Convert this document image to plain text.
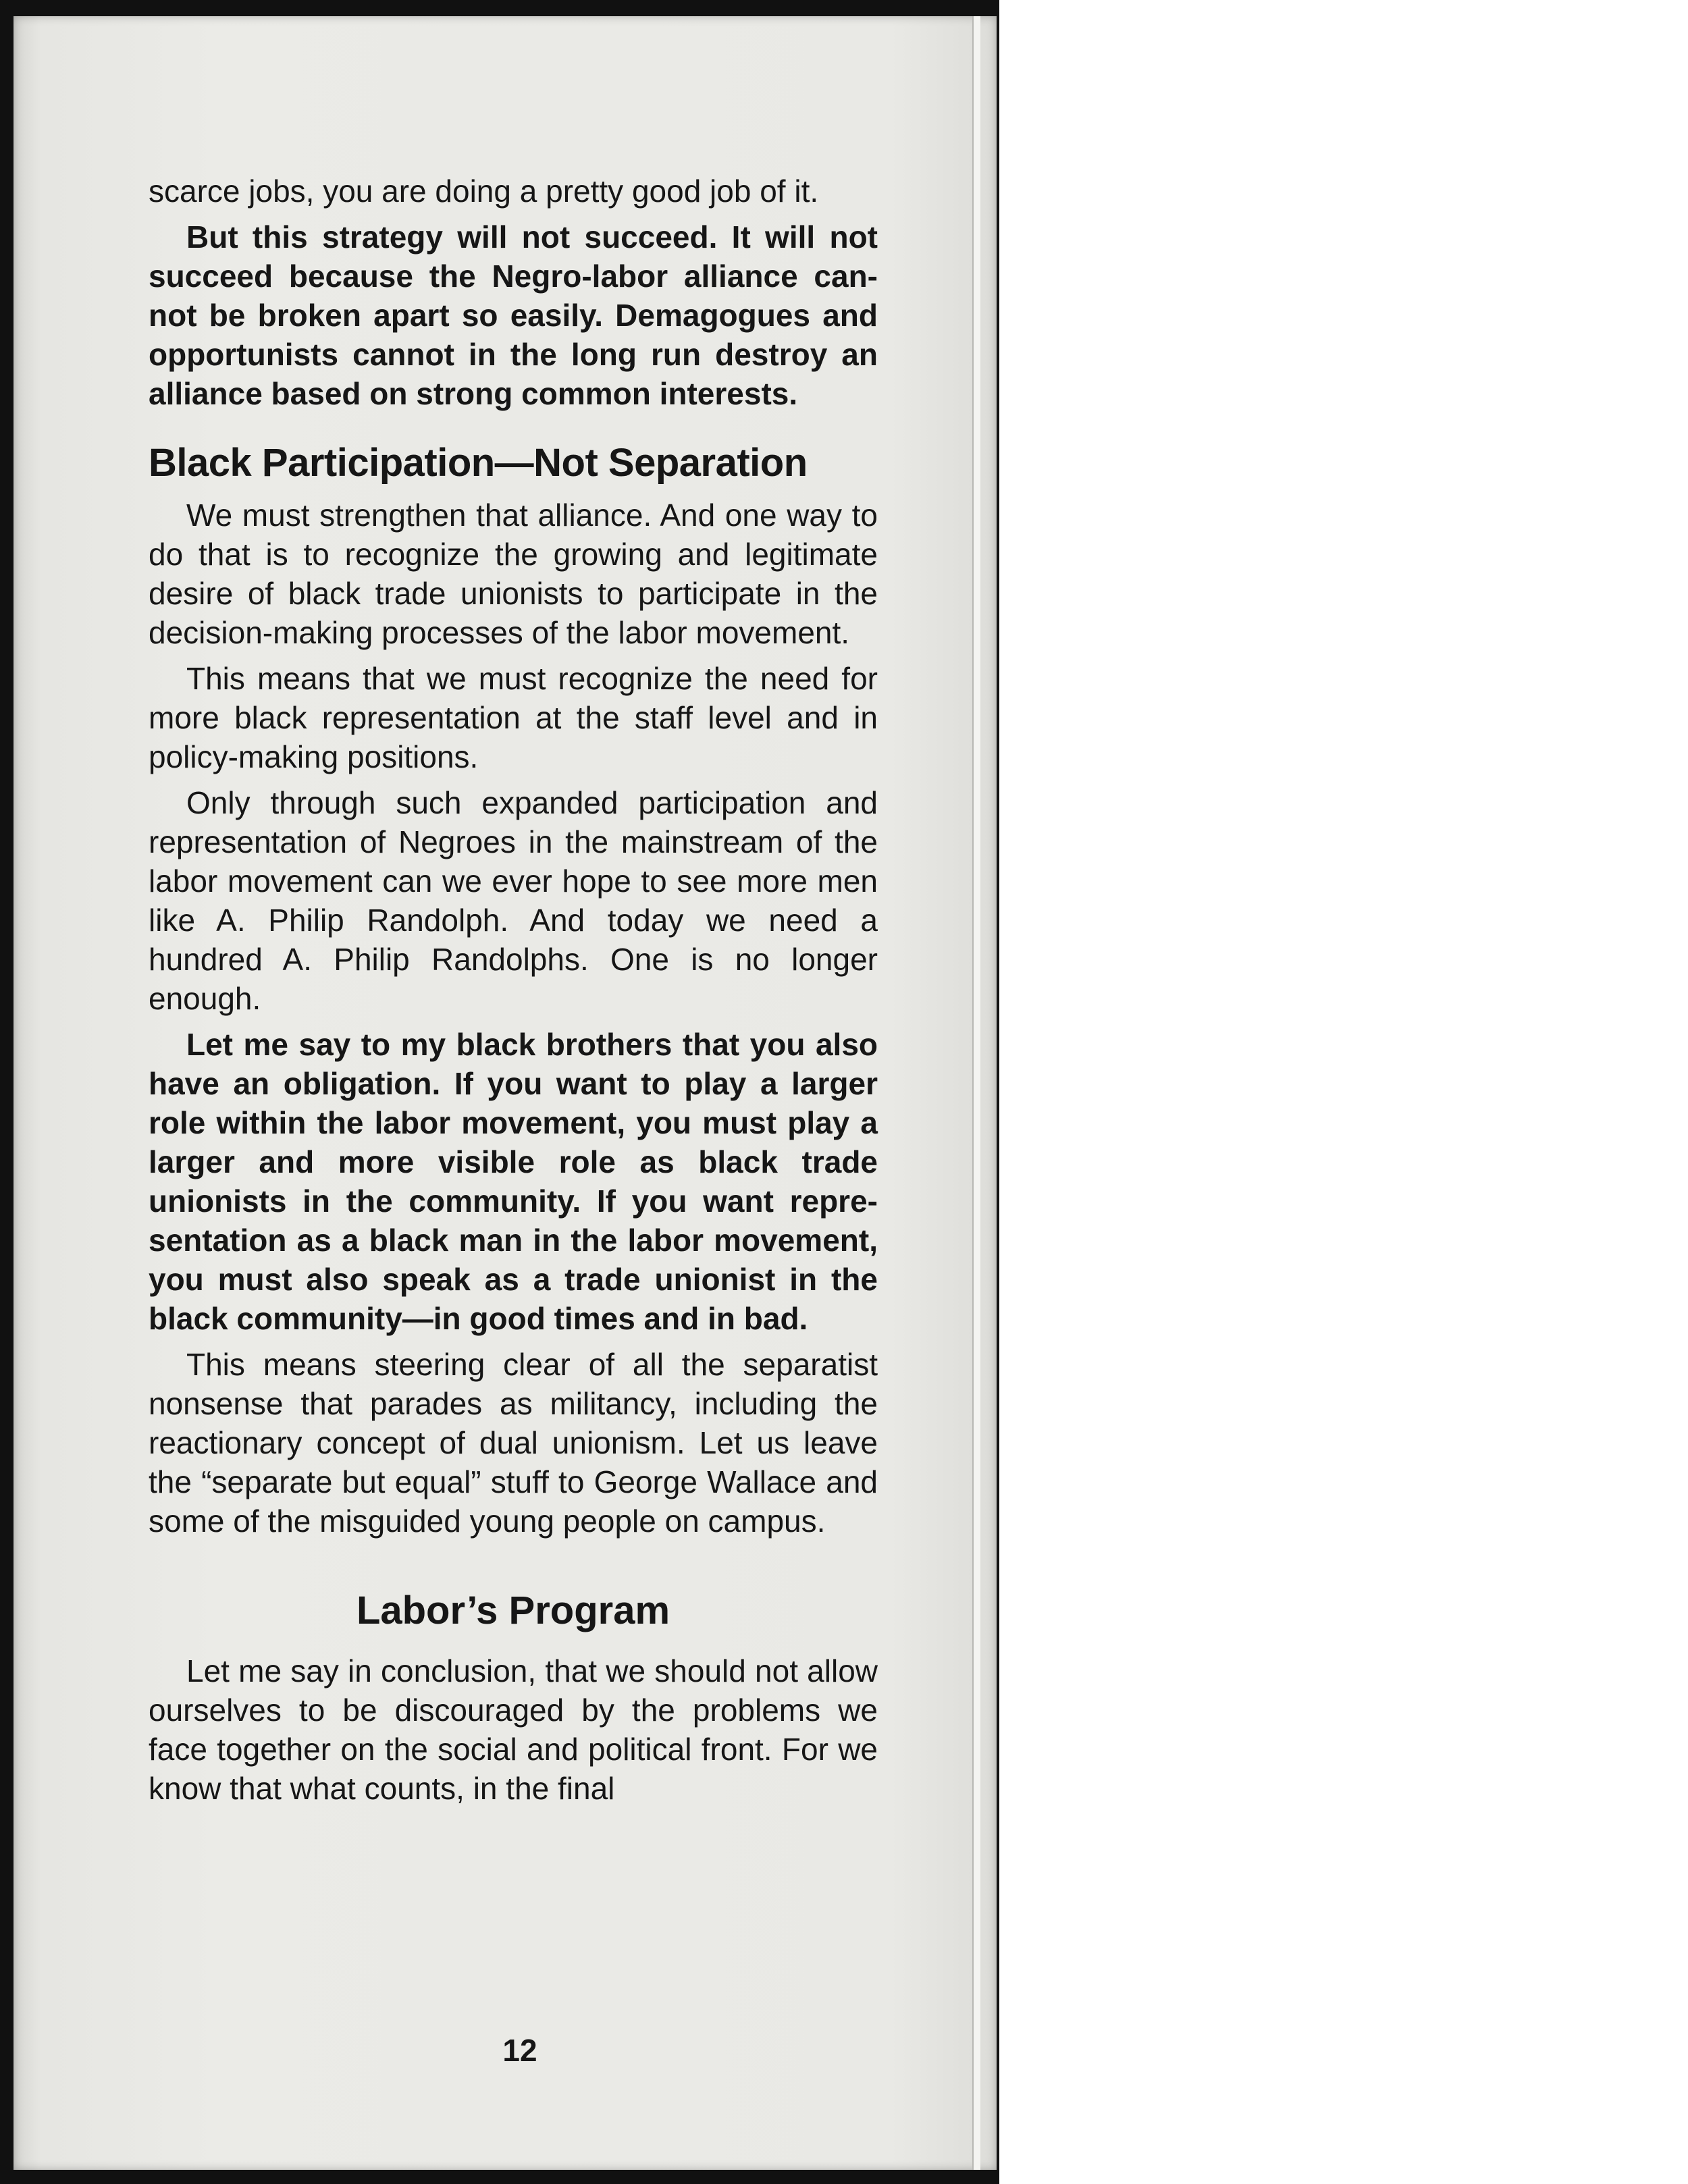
scarce jobs, you are doing a pretty good job of it.

But this strategy will not succeed. It will not succeed because the Negro-labor alliance cannot be broken apart so easily. Demagogues and opportunists cannot in the long run destroy an alliance based on strong common interests.

Black Participation—Not Separation

We must strengthen that alliance. And one way to do that is to recognize the growing and legitimate desire of black trade unionists to participate in the decision-making processes of the labor movement.

This means that we must recognize the need for more black representation at the staff level and in policy-making positions.

Only through such expanded participation and representation of Negroes in the mainstream of the labor movement can we ever hope to see more men like A. Philip Randolph. And today we need a hundred A. Philip Randolphs. One is no longer enough.

Let me say to my black brothers that you also have an obligation. If you want to play a larger role within the labor movement, you must play a larger and more visible role as black trade unionists in the community. If you want representation as a black man in the labor movement, you must also speak as a trade unionist in the black community—in good times and in bad.

This means steering clear of all the separatist nonsense that parades as militancy, including the reactionary concept of dual unionism. Let us leave the “separate but equal” stuff to George Wallace and some of the misguided young people on campus.

Labor’s Program

Let me say in conclusion, that we should not allow ourselves to be discouraged by the problems we face together on the social and political front. For we know that what counts, in the final

12
